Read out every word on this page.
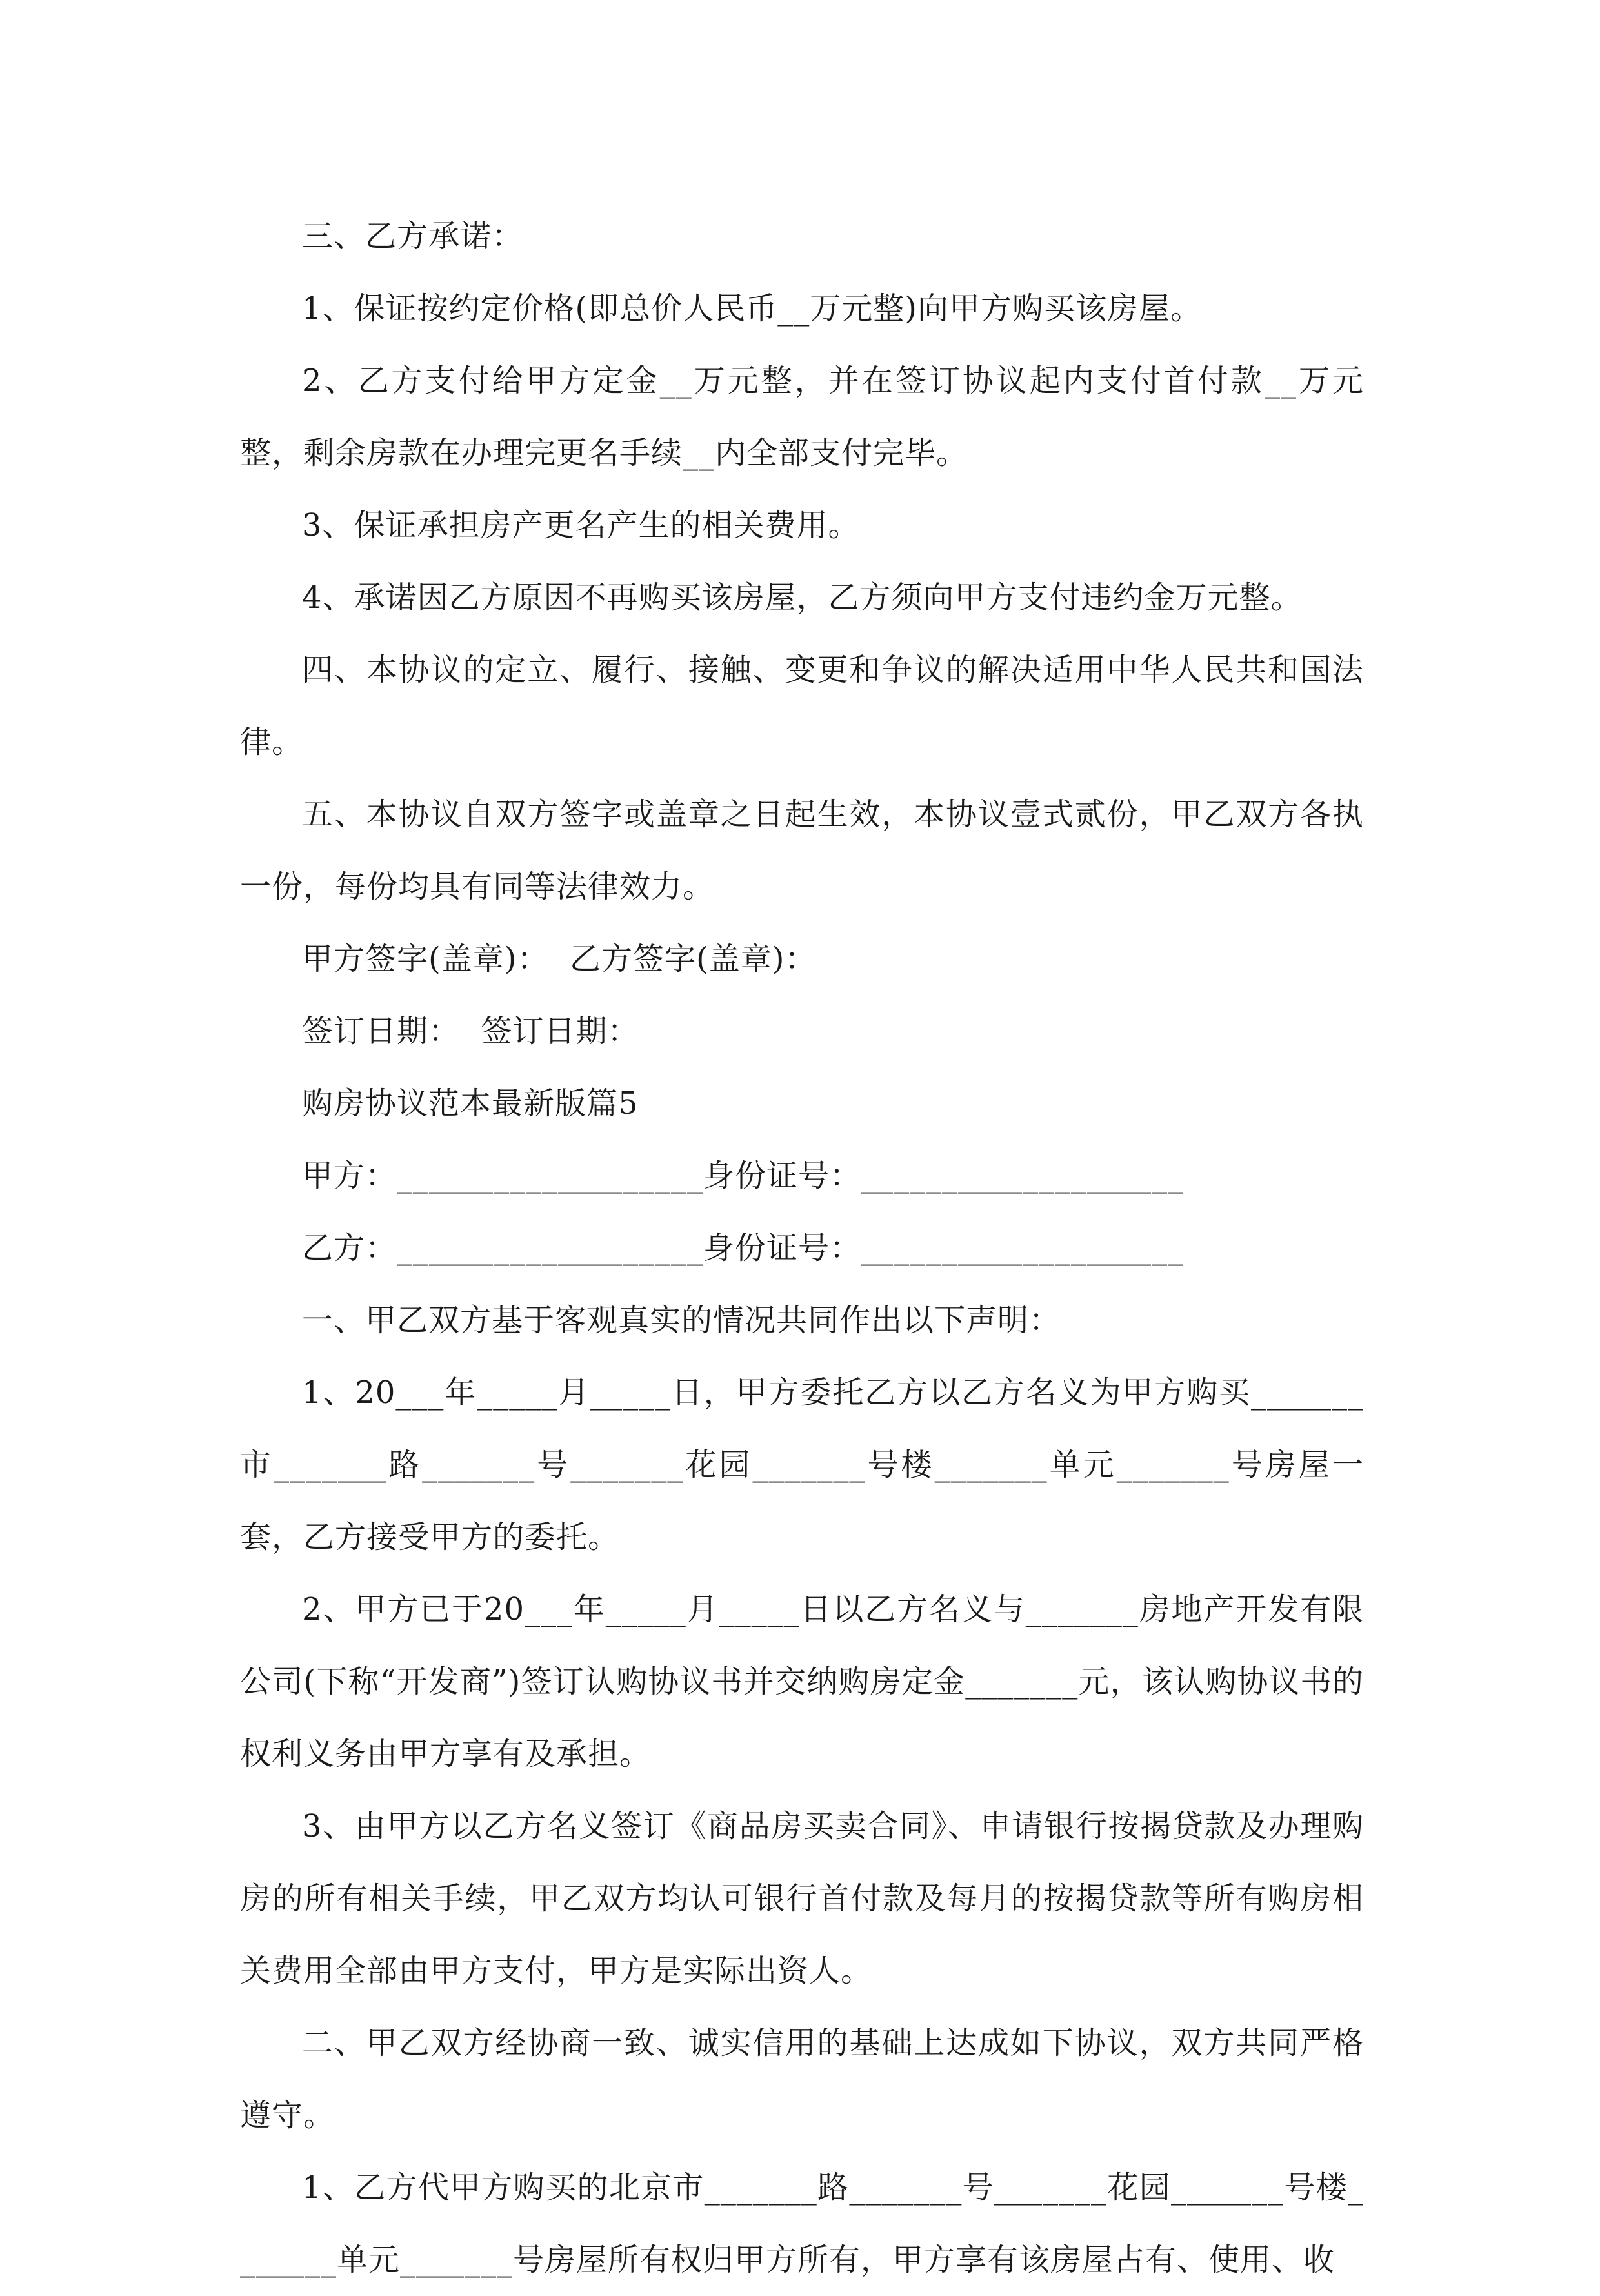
三、乙方承诺：

1、保证按约定价格(即总价人民币__万元整)向甲方购买该房屋。

2、乙方支付给甲方定金__万元整，并在签订协议起内支付首付款__万元整，剩余房款在办理完更名手续__内全部支付完毕。

3、保证承担房产更名产生的相关费用。

4、承诺因乙方原因不再购买该房屋，乙方须向甲方支付违约金万元整。

四、本协议的定立、履行、接触、变更和争议的解决适用中华人民共和国法律。

五、本协议自双方签字或盖章之日起生效，本协议壹式贰份，甲乙双方各执一份，每份均具有同等法律效力。

甲方签字(盖章)：  乙方签字(盖章)：

签订日期：  签订日期：

购房协议范本最新版篇5

甲方：___________________身份证号：____________________

乙方：___________________身份证号：____________________

一、甲乙双方基于客观真实的情况共同作出以下声明：

1、20___年_____月_____日，甲方委托乙方以乙方名义为甲方购买_______市_______路_______号_______花园_______号楼_______单元_______号房屋一套，乙方接受甲方的委托。

2、甲方已于20___年_____月_____日以乙方名义与_______房地产开发有限公司(下称“开发商”)签订认购协议书并交纳购房定金_______元，该认购协议书的权利义务由甲方享有及承担。

3、由甲方以乙方名义签订《商品房买卖合同》、申请银行按揭贷款及办理购房的所有相关手续，甲乙双方均认可银行首付款及每月的按揭贷款等所有购房相关费用全部由甲方支付，甲方是实际出资人。

二、甲乙双方经协商一致、诚实信用的基础上达成如下协议，双方共同严格遵守。

1、乙方代甲方购买的北京市_______路_______号_______花园_______号楼_______单元_______号房屋所有权归甲方所有，甲方享有该房屋占有、使用、收
